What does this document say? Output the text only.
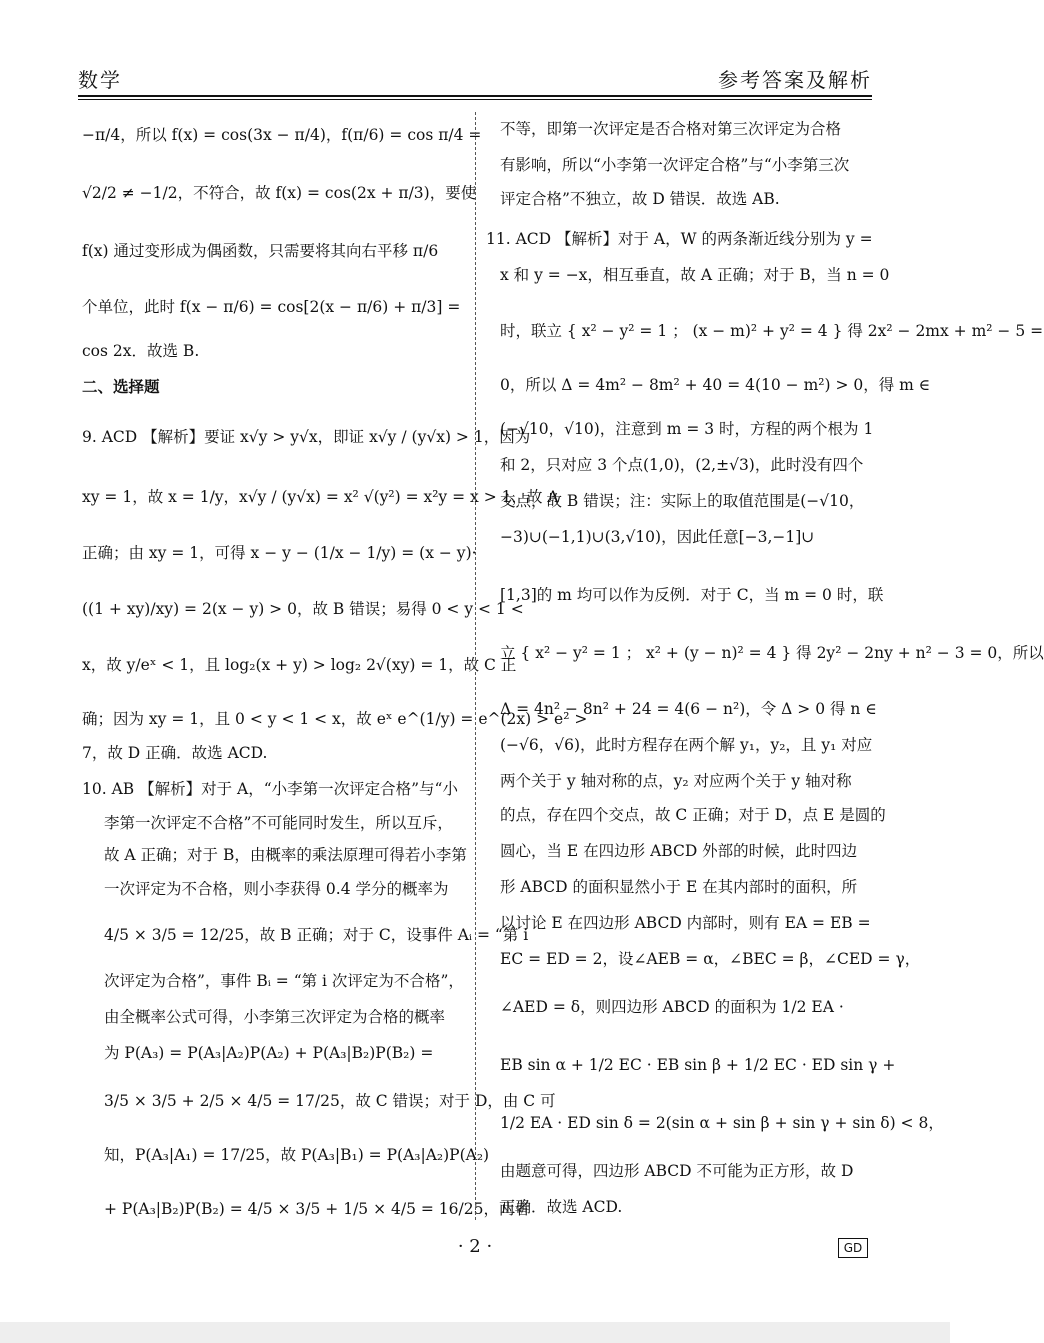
数学	参考答案及解析
−π/4，所以 f(x) = cos(3x − π/4)，f(π/6) = cos π/4 =
√2/2 ≠ −1/2，不符合，故 f(x) = cos(2x + π/3)，要使
f(x) 通过变形成为偶函数，只需要将其向右平移 π/6
个单位，此时 f(x − π/6) = cos[2(x − π/6) + π/3] =
cos 2x．故选 B.
二、选择题
9. ACD 【解析】要证 x√y > y√x，即证 x√y / (y√x) > 1，因为
xy = 1，故 x = 1/y，x√y / (y√x) = x² √(y²) = x²y = x > 1，故 A
正确；由 xy = 1，可得 x − y − (1/x − 1/y) = (x − y)·
((1 + xy)/xy) = 2(x − y) > 0，故 B 错误；易得 0 < y < 1 <
x，故 y/eˣ < 1，且 log₂(x + y) > log₂ 2√(xy) = 1，故 C 正
确；因为 xy = 1，且 0 < y < 1 < x，故 eˣ e^(1/y) = e^(2x) > e² >
7，故 D 正确．故选 ACD.
10. AB 【解析】对于 A，“小李第一次评定合格”与“小
李第一次评定不合格”不可能同时发生，所以互斥，
故 A 正确；对于 B，由概率的乘法原理可得若小李第
一次评定为不合格，则小李获得 0.4 学分的概率为
4/5 × 3/5 = 12/25，故 B 正确；对于 C，设事件 Aᵢ = “第 i
次评定为合格”，事件 Bᵢ = “第 i 次评定为不合格”，
由全概率公式可得，小李第三次评定为合格的概率
为 P(A₃) = P(A₃|A₂)P(A₂) + P(A₃|B₂)P(B₂) =
3/5 × 3/5 + 2/5 × 4/5 = 17/25，故 C 错误；对于 D，由 C 可
知，P(A₃|A₁) = 17/25，故 P(A₃|B₁) = P(A₃|A₂)P(A₂)
+ P(A₃|B₂)P(B₂) = 4/5 × 3/5 + 1/5 × 4/5 = 16/25，两者
不等，即第一次评定是否合格对第三次评定为合格
有影响，所以“小李第一次评定合格”与“小李第三次
评定合格”不独立，故 D 错误．故选 AB.
11. ACD 【解析】对于 A，W 的两条渐近线分别为 y =
x 和 y = −x，相互垂直，故 A 正确；对于 B，当 n = 0
时，联立 { x² − y² = 1 ； (x − m)² + y² = 4 } 得 2x² − 2mx + m² − 5 =
0，所以 Δ = 4m² − 8m² + 40 = 4(10 − m²) > 0，得 m ∈
(−√10，√10)，注意到 m = 3 时，方程的两个根为 1
和 2，只对应 3 个点(1,0)，(2,±√3)，此时没有四个
交点，故 B 错误；注：实际上的取值范围是(−√10，
−3)∪(−1,1)∪(3,√10)，因此任意[−3,−1]∪
[1,3]的 m 均可以作为反例．对于 C，当 m = 0 时，联
立 { x² − y² = 1 ； x² + (y − n)² = 4 } 得 2y² − 2ny + n² − 3 = 0，所以
Δ = 4n² − 8n² + 24 = 4(6 − n²)，令 Δ > 0 得 n ∈
(−√6，√6)，此时方程存在两个解 y₁，y₂，且 y₁ 对应
两个关于 y 轴对称的点，y₂ 对应两个关于 y 轴对称
的点，存在四个交点，故 C 正确；对于 D，点 E 是圆的
圆心，当 E 在四边形 ABCD 外部的时候，此时四边
形 ABCD 的面积显然小于 E 在其内部时的面积，所
以讨论 E 在四边形 ABCD 内部时，则有 EA = EB =
EC = ED = 2，设∠AEB = α，∠BEC = β，∠CED = γ，
∠AED = δ，则四边形 ABCD 的面积为 1/2 EA ·
EB sin α + 1/2 EC · EB sin β + 1/2 EC · ED sin γ +
1/2 EA · ED sin δ = 2(sin α + sin β + sin γ + sin δ) < 8，
由题意可得，四边形 ABCD 不可能为正方形，故 D
正确．故选 ACD.
· 2 ·	GD
